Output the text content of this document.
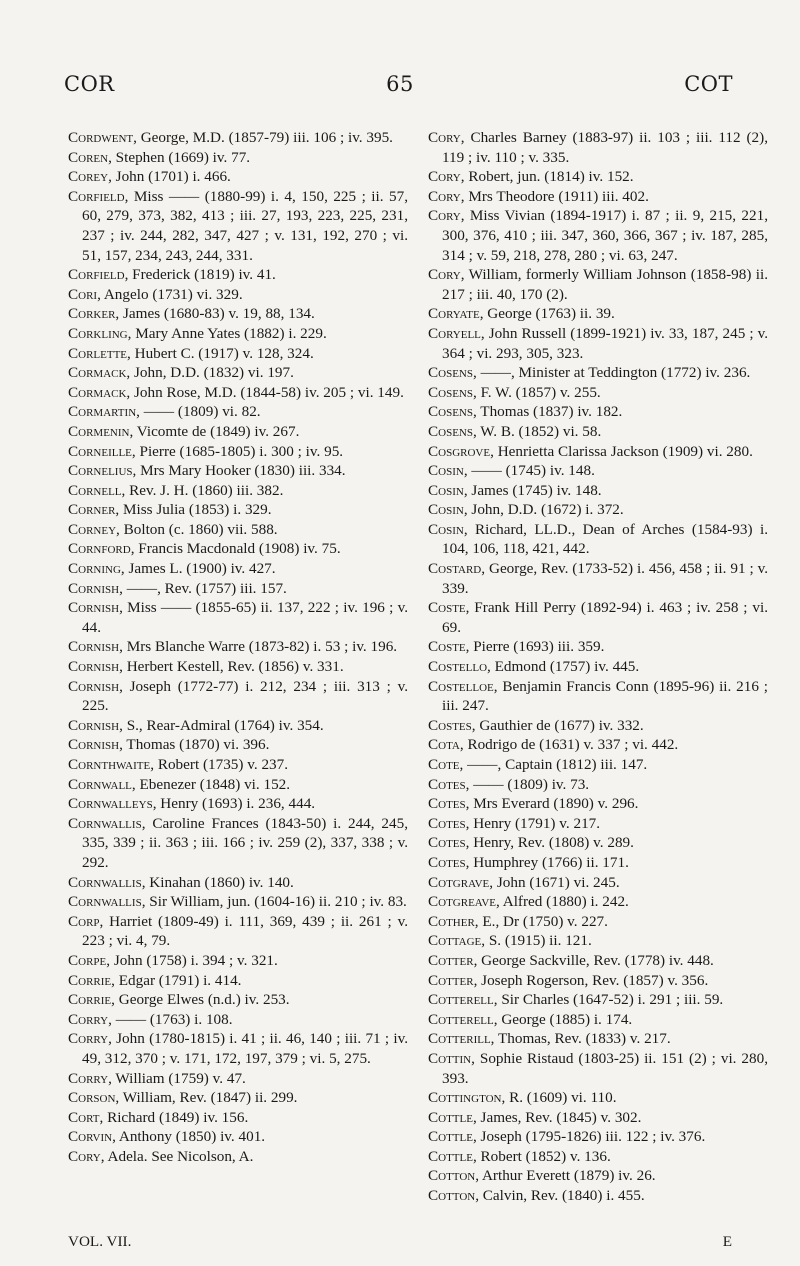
COR	65	COT
Cordwent, George, M.D. (1857-79) iii. 106 ; iv. 395.
Coren, Stephen (1669) iv. 77.
Corey, John (1701) i. 466.
Corfield, Miss —— (1880-99) i. 4, 150, 225 ; ii. 57, 60, 279, 373, 382, 413 ; iii. 27, 193, 223, 225, 231, 237 ; iv. 244, 282, 347, 427 ; v. 131, 192, 270 ; vi. 51, 157, 234, 243, 244, 331.
Corfield, Frederick (1819) iv. 41.
Cori, Angelo (1731) vi. 329.
Corker, James (1680-83) v. 19, 88, 134.
Corkling, Mary Anne Yates (1882) i. 229.
Corlette, Hubert C. (1917) v. 128, 324.
Cormack, John, D.D. (1832) vi. 197.
Cormack, John Rose, M.D. (1844-58) iv. 205 ; vi. 149.
Cormartin, —— (1809) vi. 82.
Cormenin, Vicomte de (1849) iv. 267.
Corneille, Pierre (1685-1805) i. 300 ; iv. 95.
Cornelius, Mrs Mary Hooker (1830) iii. 334.
Cornell, Rev. J. H. (1860) iii. 382.
Corner, Miss Julia (1853) i. 329.
Corney, Bolton (c. 1860) vii. 588.
Cornford, Francis Macdonald (1908) iv. 75.
Corning, James L. (1900) iv. 427.
Cornish, ——, Rev. (1757) iii. 157.
Cornish, Miss —— (1855-65) ii. 137, 222 ; iv. 196 ; v. 44.
Cornish, Mrs Blanche Warre (1873-82) i. 53 ; iv. 196.
Cornish, Herbert Kestell, Rev. (1856) v. 331.
Cornish, Joseph (1772-77) i. 212, 234 ; iii. 313 ; v. 225.
Cornish, S., Rear-Admiral (1764) iv. 354.
Cornish, Thomas (1870) vi. 396.
Cornthwaite, Robert (1735) v. 237.
Cornwall, Ebenezer (1848) vi. 152.
Cornwalleys, Henry (1693) i. 236, 444.
Cornwallis, Caroline Frances (1843-50) i. 244, 245, 335, 339 ; ii. 363 ; iii. 166 ; iv. 259 (2), 337, 338 ; v. 292.
Cornwallis, Kinahan (1860) iv. 140.
Cornwallis, Sir William, jun. (1604-16) ii. 210 ; iv. 83.
Corp, Harriet (1809-49) i. 111, 369, 439 ; ii. 261 ; v. 223 ; vi. 4, 79.
Corpe, John (1758) i. 394 ; v. 321.
Corrie, Edgar (1791) i. 414.
Corrie, George Elwes (n.d.) iv. 253.
Corry, —— (1763) i. 108.
Corry, John (1780-1815) i. 41 ; ii. 46, 140 ; iii. 71 ; iv. 49, 312, 370 ; v. 171, 172, 197, 379 ; vi. 5, 275.
Corry, William (1759) v. 47.
Corson, William, Rev. (1847) ii. 299.
Cort, Richard (1849) iv. 156.
Corvin, Anthony (1850) iv. 401.
Cory, Adela. See Nicolson, A.
Cory, Charles Barney (1883-97) ii. 103 ; iii. 112 (2), 119 ; iv. 110 ; v. 335.
Cory, Robert, jun. (1814) iv. 152.
Cory, Mrs Theodore (1911) iii. 402.
Cory, Miss Vivian (1894-1917) i. 87 ; ii. 9, 215, 221, 300, 376, 410 ; iii. 347, 360, 366, 367 ; iv. 187, 285, 314 ; v. 59, 218, 278, 280 ; vi. 63, 247.
Cory, William, formerly William Johnson (1858-98) ii. 217 ; iii. 40, 170 (2).
Coryate, George (1763) ii. 39.
Coryell, John Russell (1899-1921) iv. 33, 187, 245 ; v. 364 ; vi. 293, 305, 323.
Cosens, ——, Minister at Teddington (1772) iv. 236.
Cosens, F. W. (1857) v. 255.
Cosens, Thomas (1837) iv. 182.
Cosens, W. B. (1852) vi. 58.
Cosgrove, Henrietta Clarissa Jackson (1909) vi. 280.
Cosin, —— (1745) iv. 148.
Cosin, James (1745) iv. 148.
Cosin, John, D.D. (1672) i. 372.
Cosin, Richard, LL.D., Dean of Arches (1584-93) i. 104, 106, 118, 421, 442.
Costard, George, Rev. (1733-52) i. 456, 458 ; ii. 91 ; v. 339.
Coste, Frank Hill Perry (1892-94) i. 463 ; iv. 258 ; vi. 69.
Coste, Pierre (1693) iii. 359.
Costello, Edmond (1757) iv. 445.
Costelloe, Benjamin Francis Conn (1895-96) ii. 216 ; iii. 247.
Costes, Gauthier de (1677) iv. 332.
Cota, Rodrigo de (1631) v. 337 ; vi. 442.
Cote, ——, Captain (1812) iii. 147.
Cotes, —— (1809) iv. 73.
Cotes, Mrs Everard (1890) v. 296.
Cotes, Henry (1791) v. 217.
Cotes, Henry, Rev. (1808) v. 289.
Cotes, Humphrey (1766) ii. 171.
Cotgrave, John (1671) vi. 245.
Cotgreave, Alfred (1880) i. 242.
Cother, E., Dr (1750) v. 227.
Cottage, S. (1915) ii. 121.
Cotter, George Sackville, Rev. (1778) iv. 448.
Cotter, Joseph Rogerson, Rev. (1857) v. 356.
Cotterell, Sir Charles (1647-52) i. 291 ; iii. 59.
Cotterell, George (1885) i. 174.
Cotterill, Thomas, Rev. (1833) v. 217.
Cottin, Sophie Ristaud (1803-25) ii. 151 (2) ; vi. 280, 393.
Cottington, R. (1609) vi. 110.
Cottle, James, Rev. (1845) v. 302.
Cottle, Joseph (1795-1826) iii. 122 ; iv. 376.
Cottle, Robert (1852) v. 136.
Cotton, Arthur Everett (1879) iv. 26.
Cotton, Calvin, Rev. (1840) i. 455.
VOL. VII.	E
